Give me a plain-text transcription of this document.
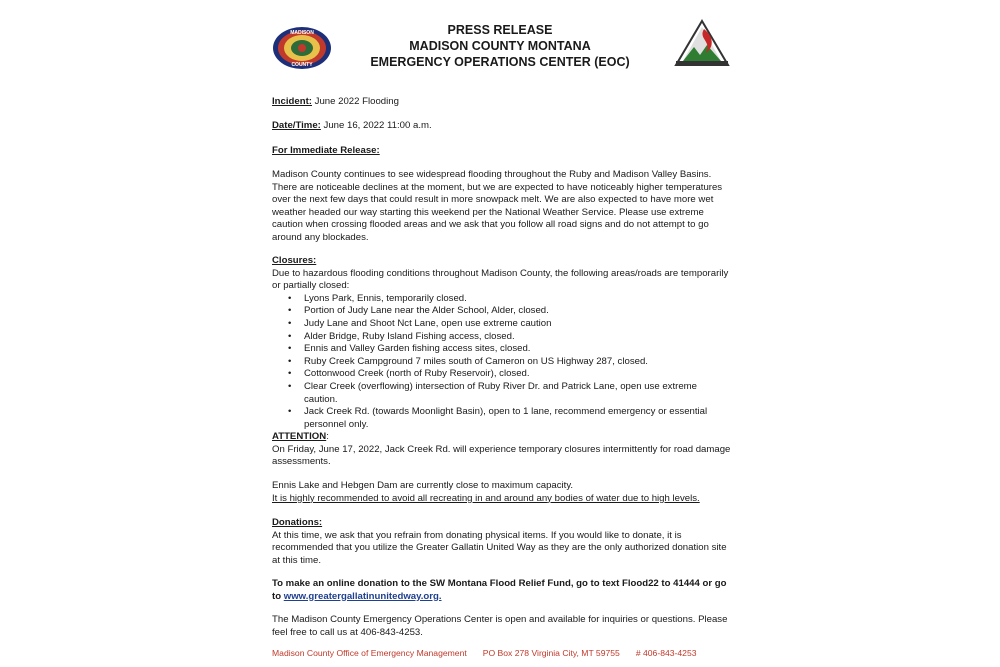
MADISON
COUNTY
PRESS RELEASE
MADISON COUNTY MONTANA
EMERGENCY OPERATIONS CENTER (EOC)
Incident: June 2022 Flooding
Date/Time: June 16, 2022 11:00 a.m.
For Immediate Release:

Madison County continues to see widespread flooding throughout the Ruby and Madison Valley Basins. There are noticeable declines at the moment, but we are expected to have noticeably higher temperatures over the next few days that could result in more snowpack melt. We are also expected to have more wet weather headed our way starting this weekend per the National Weather Service. Please use extreme caution when crossing flooded areas and we ask that you follow all road signs and do not attempt to go around any blockades.

Closures:
Due to hazardous flooding conditions throughout Madison County, the following areas/roads are temporarily or partially closed:
• Lyons Park, Ennis, temporarily closed.
• Portion of Judy Lane near the Alder School, Alder, closed.
• Judy Lane and Shoot Nct Lane, open use extreme caution
• Alder Bridge, Ruby Island Fishing access, closed.
• Ennis and Valley Garden fishing access sites, closed.
• Ruby Creek Campground 7 miles south of Cameron on US Highway 287, closed.
• Cottonwood Creek (north of Ruby Reservoir), closed.
• Clear Creek (overflowing) intersection of Ruby River Dr. and Patrick Lane, open use extreme caution.
• Jack Creek Rd. (towards Moonlight Basin), open to 1 lane, recommend emergency or essential personnel only.
ATTENTION:
On Friday, June 17, 2022, Jack Creek Rd. will experience temporary closures intermittently for road damage assessments.
Ennis Lake and Hebgen Dam are currently close to maximum capacity.
It is highly recommended to avoid all recreating in and around any bodies of water due to high levels.
Donations:
At this time, we ask that you refrain from donating physical items. If you would like to donate, it is recommended that you utilize the Greater Gallatin United Way as they are the only authorized donation site at this time.
To make an online donation to the SW Montana Flood Relief Fund, go to text Flood22 to 41444 or go to www.greatergallatinunitedway.org.

The Madison County Emergency Operations Center is open and available for inquiries or questions. Please feel free to call us at 406-843-4253.

Madison County Office of Emergency Management PO Box 278 Virginia City, MT 59755 # 406-843-4253
